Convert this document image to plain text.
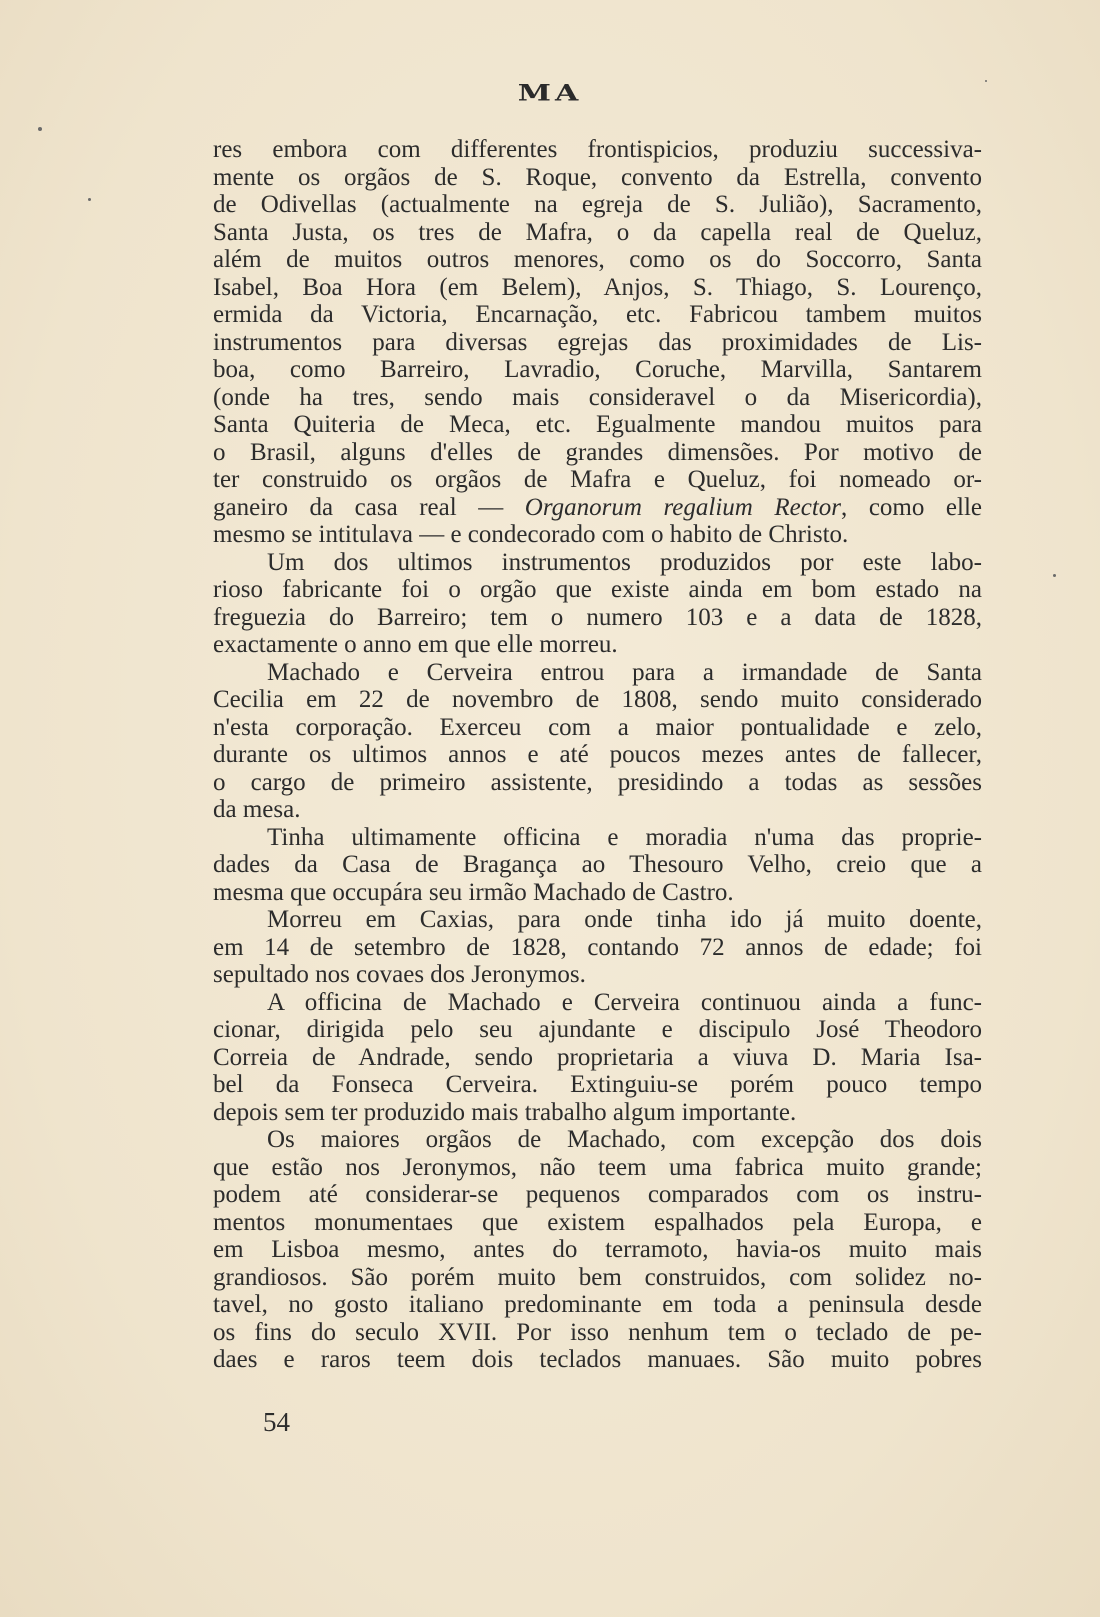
MA
res embora com differentes frontispicios, produziu successiva-
mente os orgãos de S. Roque, convento da Estrella, convento
de Odivellas (actualmente na egreja de S. Julião), Sacramento,
Santa Justa, os tres de Mafra, o da capella real de Queluz,
além de muitos outros menores, como os do Soccorro, Santa
Isabel, Boa Hora (em Belem), Anjos, S. Thiago, S. Lourenço,
ermida da Victoria, Encarnação, etc. Fabricou tambem muitos
instrumentos para diversas egrejas das proximidades de Lis-
boa, como Barreiro, Lavradio, Coruche, Marvilla, Santarem
(onde ha tres, sendo mais consideravel o da Misericordia),
Santa Quiteria de Meca, etc. Egualmente mandou muitos para
o Brasil, alguns d'elles de grandes dimensões. Por motivo de
ter construido os orgãos de Mafra e Queluz, foi nomeado or-
ganeiro da casa real — Organorum regalium Rector, como elle
mesmo se intitulava — e condecorado com o habito de Christo.
Um dos ultimos instrumentos produzidos por este labo-
rioso fabricante foi o orgão que existe ainda em bom estado na
freguezia do Barreiro; tem o numero 103 e a data de 1828,
exactamente o anno em que elle morreu.
Machado e Cerveira entrou para a irmandade de Santa
Cecilia em 22 de novembro de 1808, sendo muito considerado
n'esta corporação. Exerceu com a maior pontualidade e zelo,
durante os ultimos annos e até poucos mezes antes de fallecer,
o cargo de primeiro assistente, presidindo a todas as sessões
da mesa.
Tinha ultimamente officina e moradia n'uma das proprie-
dades da Casa de Bragança ao Thesouro Velho, creio que a
mesma que occupára seu irmão Machado de Castro.
Morreu em Caxias, para onde tinha ido já muito doente,
em 14 de setembro de 1828, contando 72 annos de edade; foi
sepultado nos covaes dos Jeronymos.
A officina de Machado e Cerveira continuou ainda a func-
cionar, dirigida pelo seu ajundante e discipulo José Theodoro
Correia de Andrade, sendo proprietaria a viuva D. Maria Isa-
bel da Fonseca Cerveira. Extinguiu-se porém pouco tempo
depois sem ter produzido mais trabalho algum importante.
Os maiores orgãos de Machado, com excepção dos dois
que estão nos Jeronymos, não teem uma fabrica muito grande;
podem até considerar-se pequenos comparados com os instru-
mentos monumentaes que existem espalhados pela Europa, e
em Lisboa mesmo, antes do terramoto, havia-os muito mais
grandiosos. São porém muito bem construidos, com solidez no-
tavel, no gosto italiano predominante em toda a peninsula desde
os fins do seculo XVII. Por isso nenhum tem o teclado de pe-
daes e raros teem dois teclados manuaes. São muito pobres
54
